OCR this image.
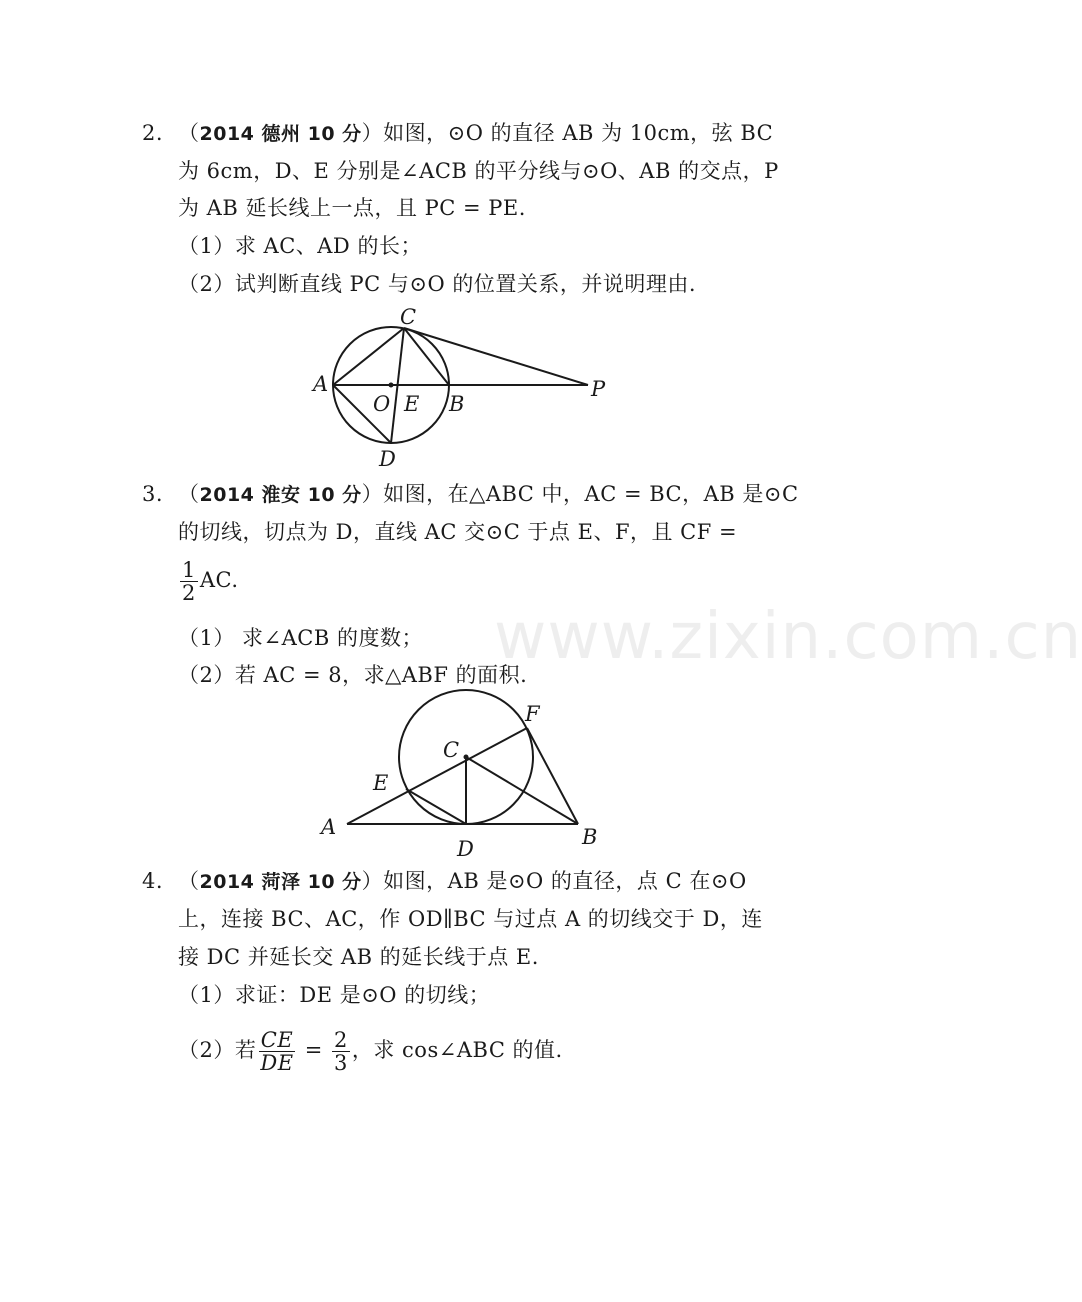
www.zixin.com.cn
2. （2014 德州 10 分）如图，⊙O 的直径 AB 为 10cm，弦 BC
为 6cm，D、E 分别是∠ACB 的平分线与⊙O、AB 的交点，P
为 AB 延长线上一点，且 PC = PE.
（1）求 AC、AD 的长；
（2）试判断直线 PC 与⊙O 的位置关系，并说明理由.
3. （2014 淮安 10 分）如图，在△ABC 中，AC = BC，AB 是⊙C
的切线，切点为 D，直线 AC 交⊙C 于点 E、F，且 CF =
$\frac{1}{2}$ AC.
（1） 求∠ACB 的度数；
（2）若 AC = 8，求△ABF 的面积.
4. （2014 菏泽 10 分）如图，AB 是⊙O 的直径，点 C 在⊙O
上，连接 BC、AC，作 OD∥BC 与过点 A 的切线交于 D，连
接 DC 并延长交 AB 的延长线于点 E.
（1）求证：DE 是⊙O 的切线；
（2）若 $\frac{CE}{DE} = \frac{2}{3}$ ，求 cos∠ABC 的值.
A
C
O E B
P
D
F
C
E
A	B
D
